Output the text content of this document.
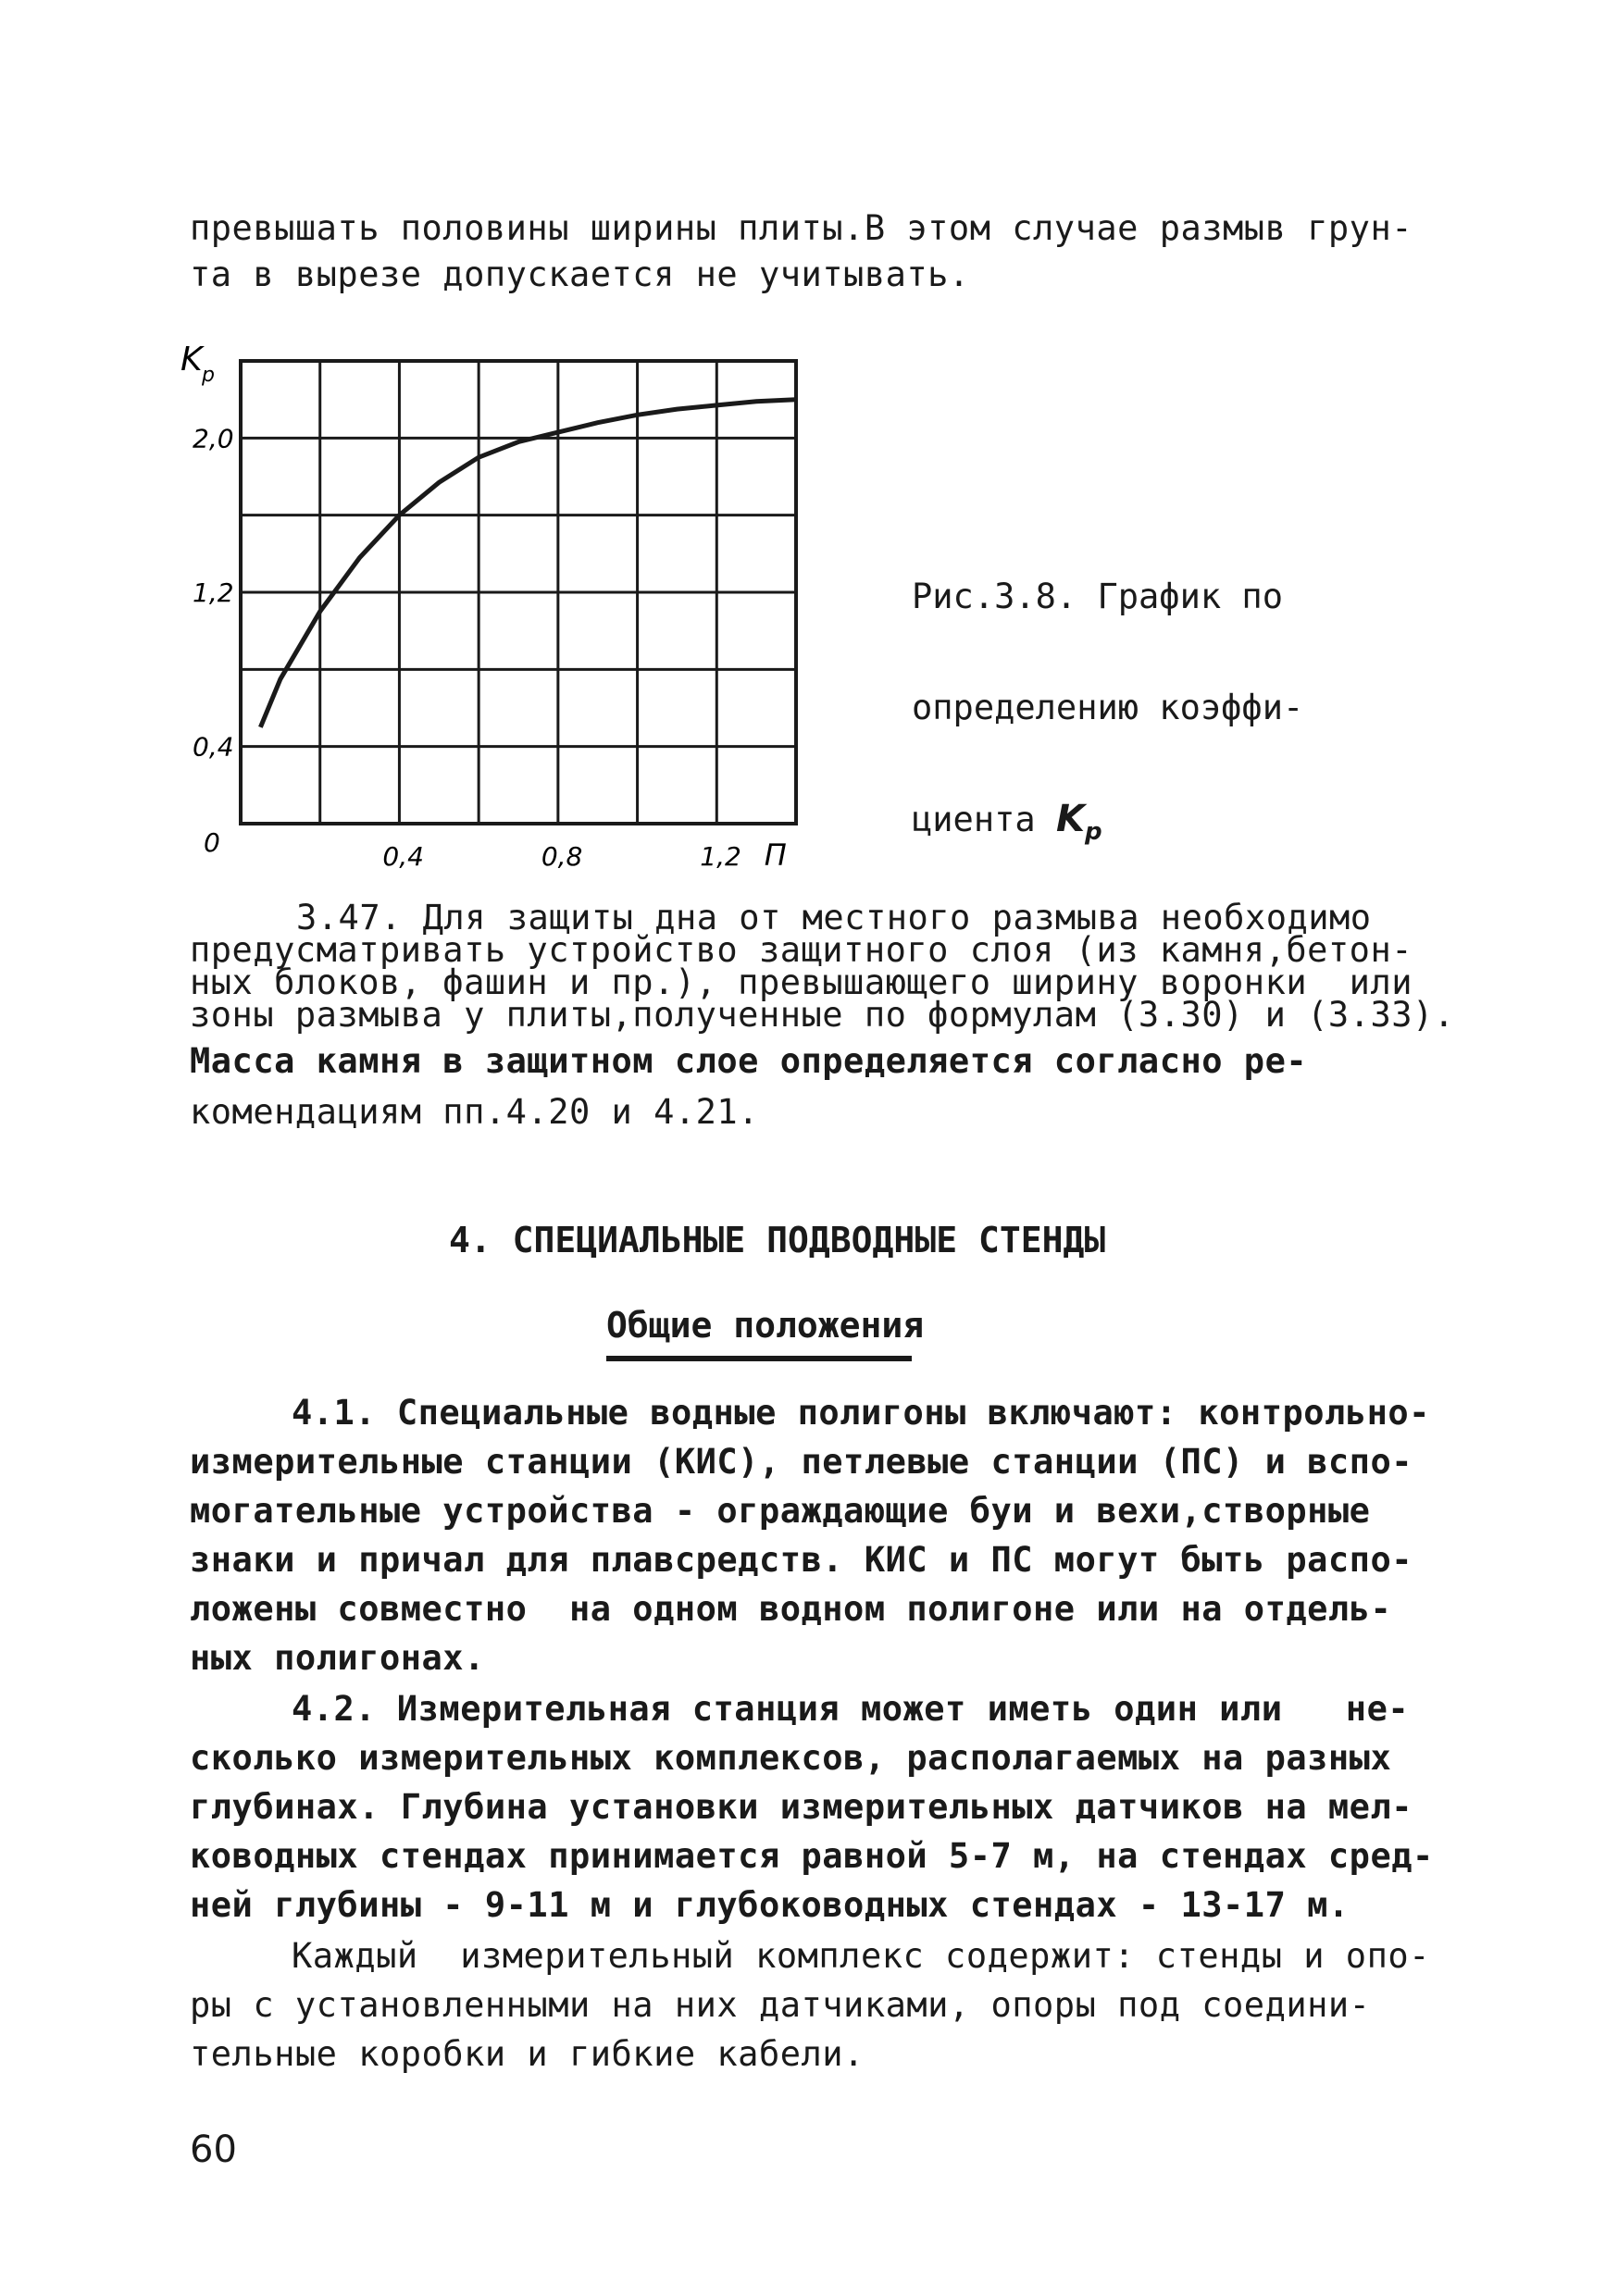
превышать половины ширины плиты.В этом случае размыв грун-
та в вырезе допускается не учитывать.
0,4
1,2
2,0
0	0,4	0,8	1,2
K p
П

Рис.3.8. График по

определению коэффи-

циента $K_p$

3.47. Для защиты дна от местного размыва необходимо
предусматривать устройство защитного слоя (из камня,бетон-
ных блоков, фашин и пр.), превышающего ширину воронки  или
зоны размыва у плиты,полученные по формулам (3.30) и (3.33).
Масса камня в защитном слое определяется согласно ре-
комендациям пп.4.20 и 4.21.
4. СПЕЦИАЛЬНЫЕ ПОДВОДНЫЕ СТЕНДЫ
Общие положения
4.1. Специальные водные полигоны включают: контрольно-
измерительные станции (КИС), петлевые станции (ПС) и вспо-
могательные устройства - ограждающие буи и вехи,створные
знаки и причал для плавсредств. КИС и ПС могут быть распо-
ложены совместно  на одном водном полигоне или на отдель-
ных полигонах.
4.2. Измерительная станция может иметь один или   не-
сколько измерительных комплексов, располагаемых на разных
глубинах. Глубина установки измерительных датчиков на мел-
ководных стендах принимается равной 5-7 м, на стендах сред-
ней глубины - 9-11 м и глубоководных стендах - 13-17 м.
Каждый  измерительный комплекс содержит: стенды и опо-
ры с установленными на них датчиками, опоры под соедини-
тельные коробки и гибкие кабели.
60
